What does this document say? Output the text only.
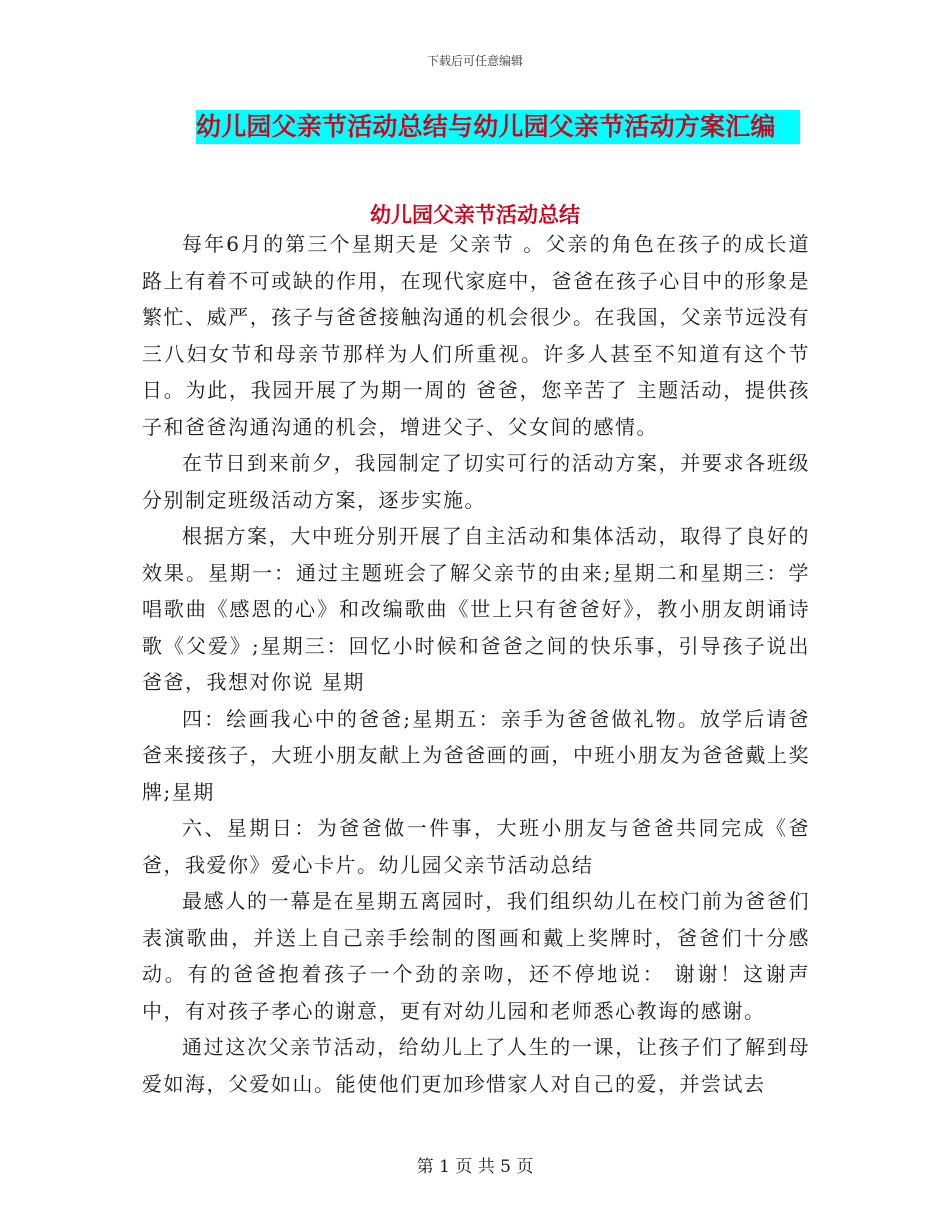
下载后可任意编辑
幼儿园父亲节活动总结与幼儿园父亲节活动方案汇编
幼儿园父亲节活动总结

每年6月的第三个星期天是 父亲节 。父亲的角色在孩子的成长道路上有着不可或缺的作用，在现代家庭中，爸爸在孩子心目中的形象是繁忙、威严，孩子与爸爸接触沟通的机会很少。在我国，父亲节远没有三八妇女节和母亲节那样为人们所重视。许多人甚至不知道有这个节日。为此，我园开展了为期一周的 爸爸，您辛苦了 主题活动，提供孩子和爸爸沟通沟通的机会，增进父子、父女间的感情。

在节日到来前夕，我园制定了切实可行的活动方案，并要求各班级分别制定班级活动方案，逐步实施。

根据方案，大中班分别开展了自主活动和集体活动，取得了良好的效果。星期一：通过主题班会了解父亲节的由来;星期二和星期三：学唱歌曲《感恩的心》和改编歌曲《世上只有爸爸好》，教小朋友朗诵诗歌《父爱》;星期三：回忆小时候和爸爸之间的快乐事，引导孩子说出 爸爸，我想对你说 星期

四：绘画我心中的爸爸;星期五：亲手为爸爸做礼物。放学后请爸爸来接孩子，大班小朋友献上为爸爸画的画，中班小朋友为爸爸戴上奖牌;星期

六、星期日：为爸爸做一件事，大班小朋友与爸爸共同完成《爸爸，我爱你》爱心卡片。幼儿园父亲节活动总结

最感人的一幕是在星期五离园时，我们组织幼儿在校门前为爸爸们表演歌曲，并送上自己亲手绘制的图画和戴上奖牌时，爸爸们十分感动。有的爸爸抱着孩子一个劲的亲吻，还不停地说： 谢谢！这谢声中，有对孩子孝心的谢意，更有对幼儿园和老师悉心教诲的感谢。

通过这次父亲节活动，给幼儿上了人生的一课，让孩子们了解到母爱如海，父爱如山。能使他们更加珍惜家人对自己的爱，并尝试去

第 1 页 共 5 页
